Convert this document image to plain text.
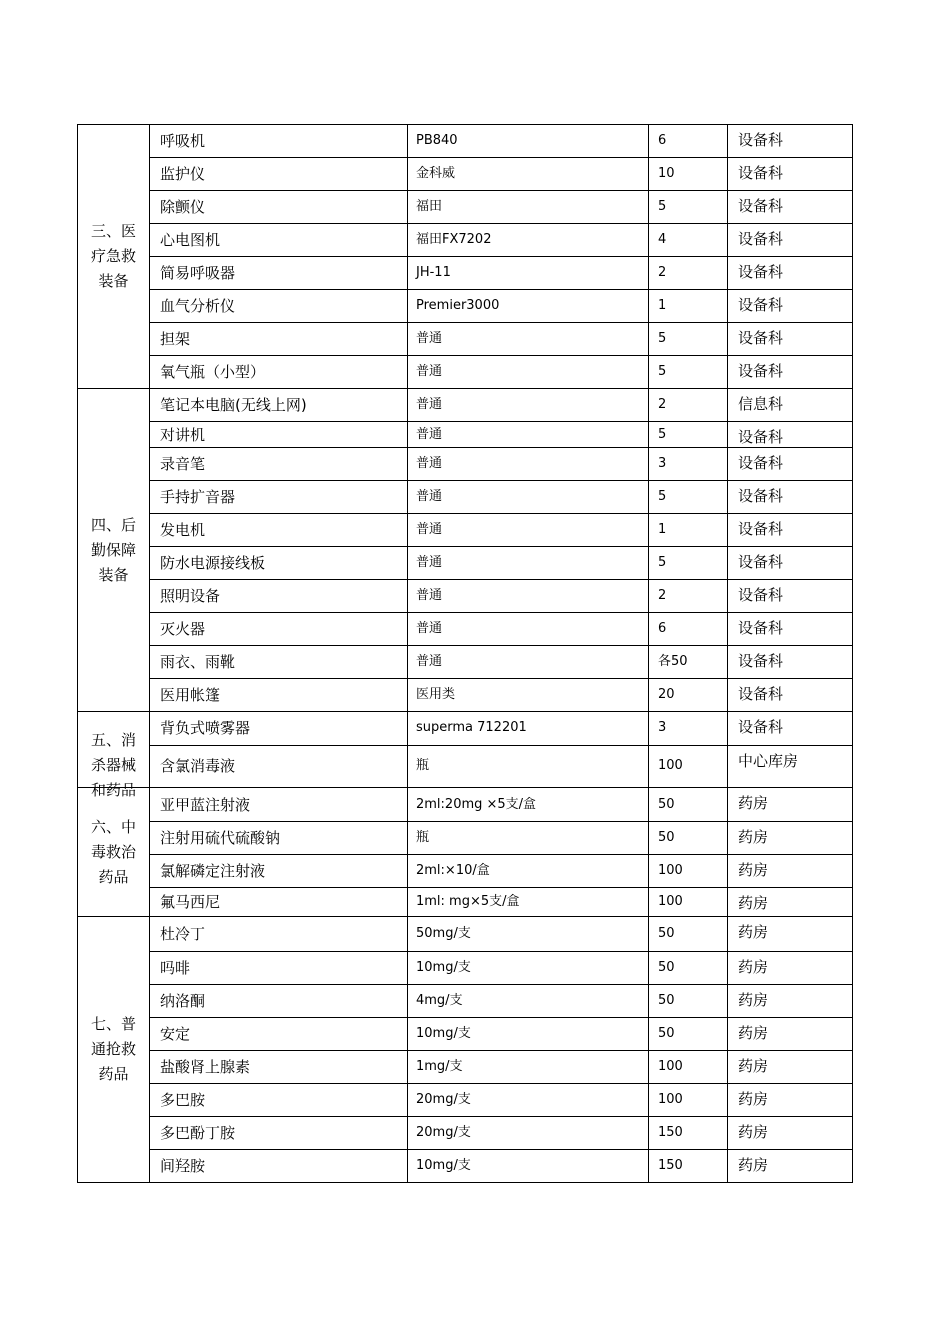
三、医疗急救装备	呼吸机	PB840	6	设备科
	监护仪	金科威	10	设备科
	除颤仪	福田	5	设备科
	心电图机	福田FX7202	4	设备科
	简易呼吸器	JH-11	2	设备科
	血气分析仪	Premier3000	1	设备科
	担架	普通	5	设备科
	氧气瓶（小型）	普通	5	设备科
四、后勤保障装备	笔记本电脑(无线上网)	普通	2	信息科
	对讲机	普通	5	设备科
	录音笔	普通	3	设备科
	手持扩音器	普通	5	设备科
	发电机	普通	1	设备科
	防水电源接线板	普通	5	设备科
	照明设备	普通	2	设备科
	灭火器	普通	6	设备科
	雨衣、雨靴	普通	各50	设备科
	医用帐篷	医用类	20	设备科
五、消杀器械和药品	背负式喷雾器	superma 712201	3	设备科
	含氯消毒液	瓶	100	中心库房
六、中毒救治药品	亚甲蓝注射液	2ml:20mg ×5支/盒	50	药房
	注射用硫代硫酸钠	瓶	50	药房
	氯解磷定注射液	2ml:×10/盒	100	药房
	氟马西尼	1ml: mg×5支/盒	100	药房
七、普通抢救药品	杜冷丁	50mg/支	50	药房
	吗啡	10mg/支	50	药房
	纳洛酮	4mg/支	50	药房
	安定	10mg/支	50	药房
	盐酸肾上腺素	1mg/支	100	药房
	多巴胺	20mg/支	100	药房
	多巴酚丁胺	20mg/支	150	药房
	间羟胺	10mg/支	150	药房
